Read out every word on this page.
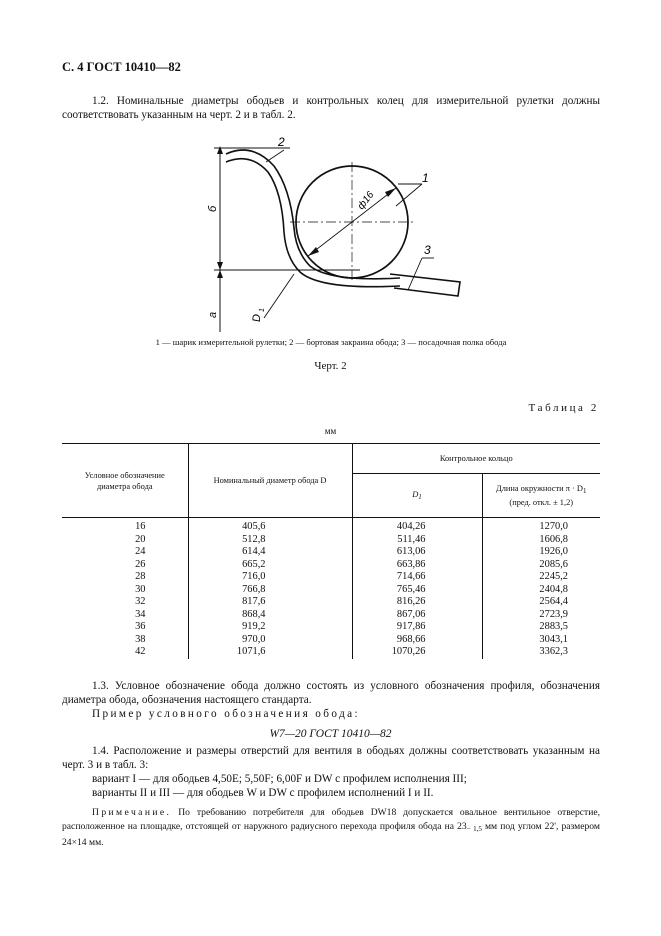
С. 4 ГОСТ 10410—82
1.2. Номинальные диаметры ободьев и контрольных колец для измерительной рулетки должны соответствовать указанным на черт. 2 и в табл. 2.
2
1
3
б
а	D
1
ф16
1 — шарик измерительной рулетки; 2 — бортовая закраина обода; 3 — посадочная полка обода
Черт. 2
Таблица 2
мм
Условное обозначение диаметра обода	Номинальный диаметр обода D	Контрольное кольцо	
		$D_1$	Длина окружности $\pi \cdot D_1$
(пред. откл. ± 1,2)
16	405,6	404,26	1270,0
20	512,8	511,46	1606,8
24	614,4	613,06	1926,0
26	665,2	663,86	2085,6
28	716,0	714,66	2245,2
30	766,8	765,46	2404,8
32	817,6	816,26	2564,4
34	868,4	867,06	2723,9
36	919,2	917,86	2883,5
38	970,0	968,66	3043,1
42	1071,6	1070,26	3362,3
1.3. Условное обозначение обода должно состоять из условного обозначения профиля, обозначения диаметра обода, обозначения настоящего стандарта.
Пример условного обозначения обода:
W7—20 ГОСТ 10410—82
1.4. Расположение и размеры отверстий для вентиля в ободьях должны соответствовать указанным на черт. 3 и в табл. 3:
вариант I — для ободьев 4,50E; 5,50F; 6,00F и DW с профилем исполнения III;
варианты II и III — для ободьев W и DW с профилем исполнений I и II.
Примечание. По требованию потребителя для ободьев DW18 допускается овальное вентильное отверстие, расположенное на площадке, отстоящей от наружного радиусного перехода профиля обода на $23_{- 1,5}$ мм под углом 22', размером 24×14 мм.
